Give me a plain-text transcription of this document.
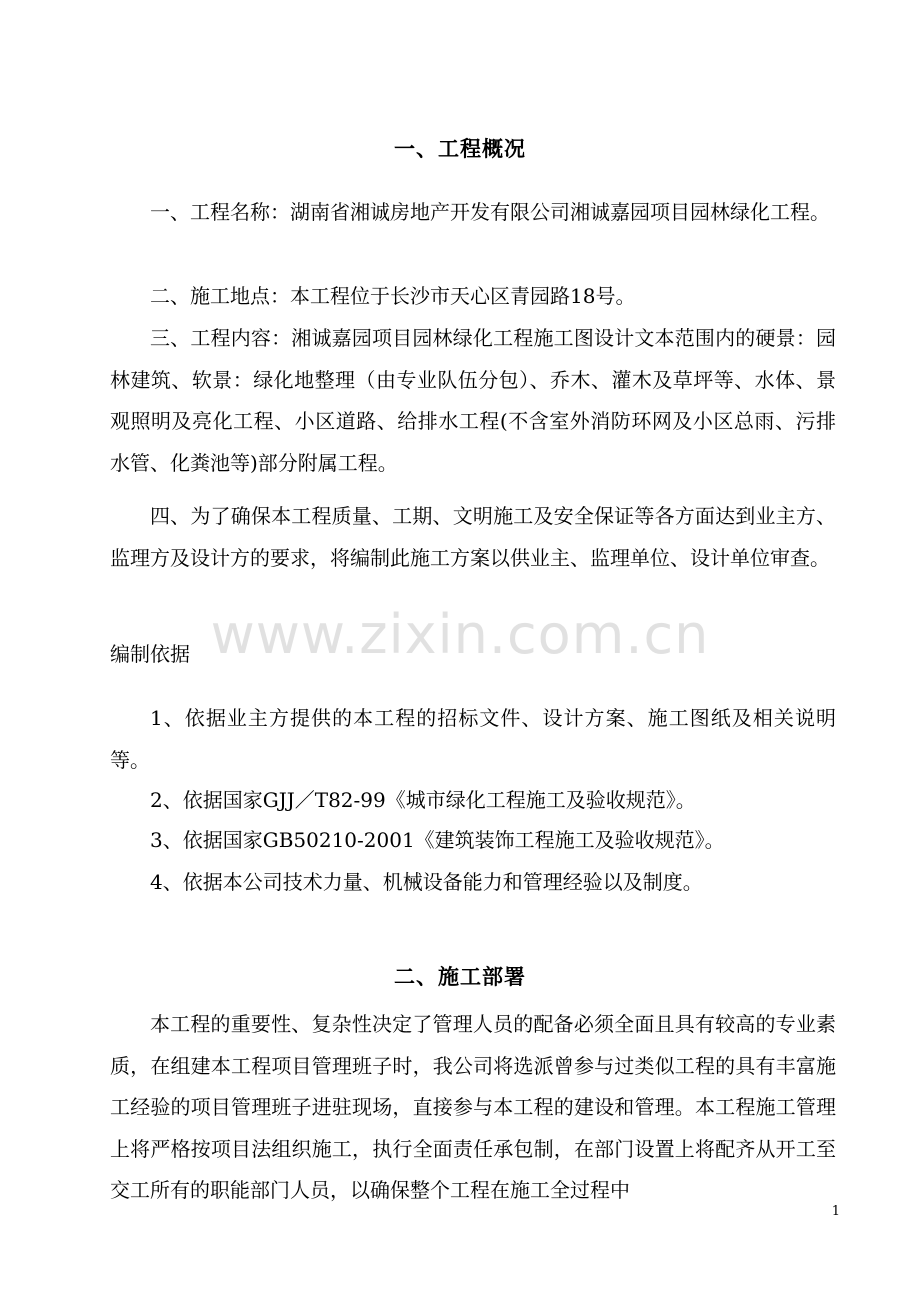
一、工程概况

一、工程名称：湖南省湘诚房地产开发有限公司湘诚嘉园项目园林绿化工程。

二、施工地点：本工程位于长沙市天心区青园路18号。

三、工程内容：湘诚嘉园项目园林绿化工程施工图设计文本范围内的硬景：园林建筑、软景：绿化地整理（由专业队伍分包）、乔木、灌木及草坪等、水体、景观照明及亮化工程、小区道路、给排水工程(不含室外消防环网及小区总雨、污排水管、化粪池等)部分附属工程。

四、为了确保本工程质量、工期、文明施工及安全保证等各方面达到业主方、监理方及设计方的要求，将编制此施工方案以供业主、监理单位、设计单位审查。

编制依据

1、依据业主方提供的本工程的招标文件、设计方案、施工图纸及相关说明等。

2、依据国家GJJ／T82-99《城市绿化工程施工及验收规范》。

3、依据国家GB50210-2001《建筑装饰工程施工及验收规范》。

4、依据本公司技术力量、机械设备能力和管理经验以及制度。

二、施工部署

本工程的重要性、复杂性决定了管理人员的配备必须全面且具有较高的专业素质，在组建本工程项目管理班子时，我公司将选派曾参与过类似工程的具有丰富施工经验的项目管理班子进驻现场，直接参与本工程的建设和管理。本工程施工管理上将严格按项目法组织施工，执行全面责任承包制，在部门设置上将配齐从开工至交工所有的职能部门人员，以确保整个工程在施工全过程中

www.zixin.com.cn
1
